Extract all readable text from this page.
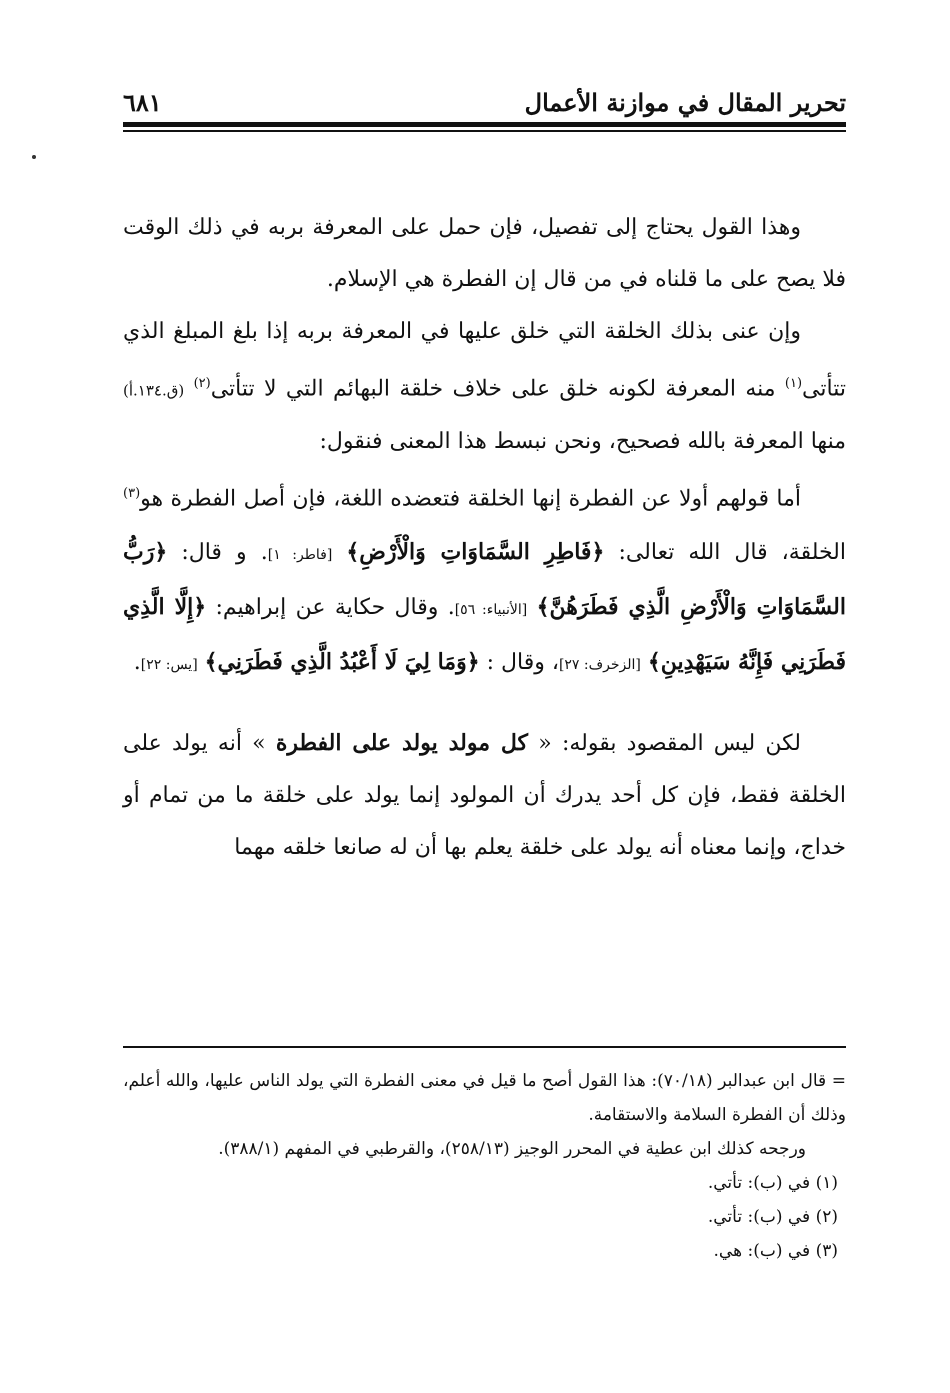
تحرير المقال في موازنة الأعمال
٦٨١

وهذا القول يحتاج إلى تفصيل، فإن حمل على المعرفة بربه في ذلك الوقت فلا يصح على ما قلناه في من قال إن الفطرة هي الإسلام.

وإن عنى بذلك الخلقة التي خلق عليها في المعرفة بربه إذا بلغ المبلغ الذي تتأتى$^{(١)}$ منه المعرفة لكونه خلق على خلاف خلقة البهائم التي لا تتأتى$^{(٢)}$ (ق.١٣٤.أ) منها المعرفة بالله فصحيح، ونحن نبسط هذا المعنى فنقول:

أما قولهم أولا عن الفطرة إنها الخلقة فتعضده اللغة، فإن أصل الفطرة هو$^{(٣)}$ الخلقة، قال الله تعالى: ﴿فَاطِرِ السَّمَاوَاتِ وَالْأَرْضِ﴾ [فاطر: ١]. و قال: ﴿رَبُّ السَّمَاوَاتِ وَالْأَرْضِ الَّذِي فَطَرَهُنَّ﴾ [الأنبياء: ٥٦]. وقال حكاية عن إبراهيم: ﴿إِلَّا الَّذِي فَطَرَنِي فَإِنَّهُ سَيَهْدِينِ﴾ [الزخرف: ٢٧]، وقال : ﴿وَمَا لِيَ لَا أَعْبُدُ الَّذِي فَطَرَنِي﴾ [يس: ٢٢].

لكن ليس المقصود بقوله: « كل مولد يولد على الفطرة » أنه يولد على الخلقة فقط، فإن كل أحد يدرك أن المولود إنما يولد على خلقة ما من تمام أو خداج، وإنما معناه أنه يولد على خلقة يعلم بها أن له صانعا خلقه مهما

= قال ابن عبدالبر (٧٠/١٨): هذا القول أصح ما قيل في معنى الفطرة التي يولد الناس عليها، والله أعلم، وذلك أن الفطرة السلامة والاستقامة.

ورجحه كذلك ابن عطية في المحرر الوجيز (٢٥٨/١٣)، والقرطبي في المفهم (٣٨٨/١).

(١) في (ب): تأتي.

(٢) في (ب): تأتي.

(٣) في (ب): هي.
